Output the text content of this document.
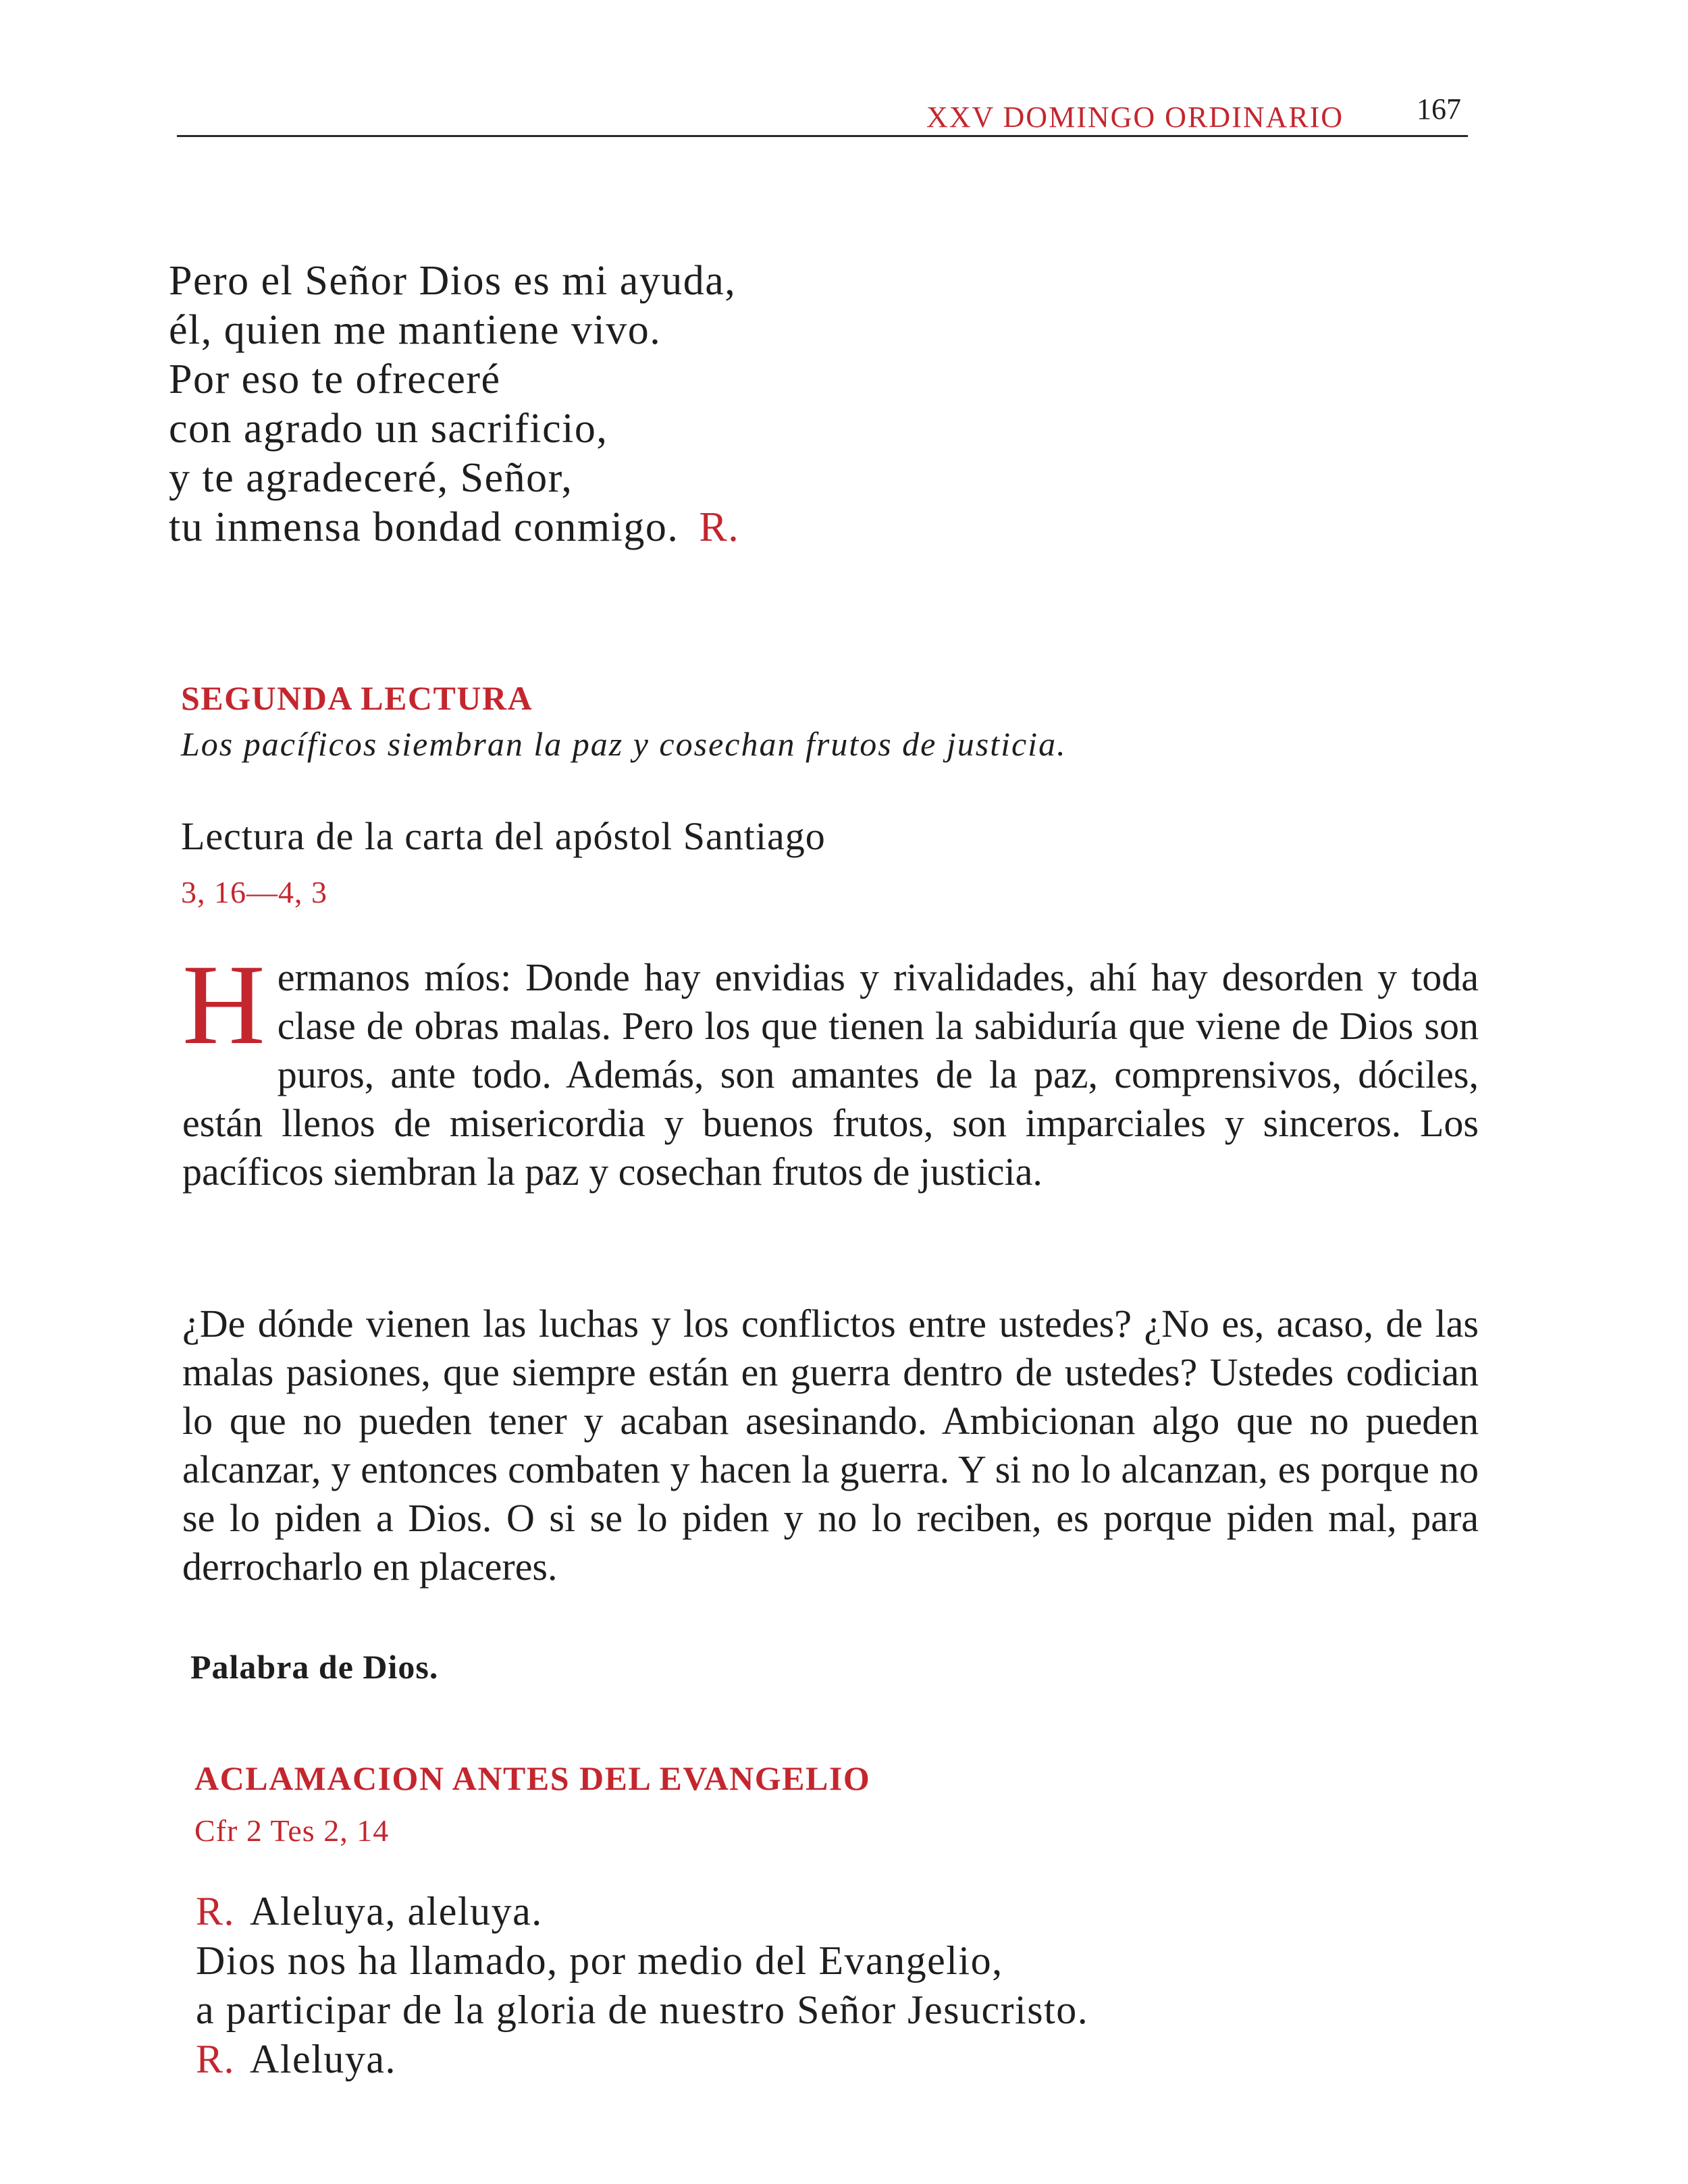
XXV DOMINGO ORDINARIO 167
Pero el Señor Dios es mi ayuda,
él, quien me mantiene vivo.
Por eso te ofreceré
con agrado un sacrificio,
y te agradeceré, Señor,
tu inmensa bondad conmigo. R.
SEGUNDA LECTURA
Los pacíficos siembran la paz y cosechan frutos de justicia.
Lectura de la carta del apóstol Santiago
3, 16—4, 3
Hermanos míos: Donde hay envidias y rivalidades, ahí hay desorden y toda clase de obras malas. Pero los que tienen la sabiduría que viene de Dios son puros, ante todo. Además, son amantes de la paz, comprensivos, dóciles, están llenos de misericordia y buenos frutos, son imparciales y sinceros. Los pacíficos siembran la paz y cosechan frutos de justicia.
¿De dónde vienen las luchas y los conflictos entre ustedes? ¿No es, acaso, de las malas pasiones, que siempre están en guerra dentro de ustedes? Ustedes codician lo que no pueden tener y acaban asesinando. Ambicionan algo que no pueden alcanzar, y entonces combaten y hacen la guerra. Y si no lo alcanzan, es porque no se lo piden a Dios. O si se lo piden y no lo reciben, es porque piden mal, para derrocharlo en placeres.
Palabra de Dios.
ACLAMACION ANTES DEL EVANGELIO
Cfr 2 Tes 2, 14
R. Aleluya, aleluya.
Dios nos ha llamado, por medio del Evangelio,
a participar de la gloria de nuestro Señor Jesucristo.
R. Aleluya.
